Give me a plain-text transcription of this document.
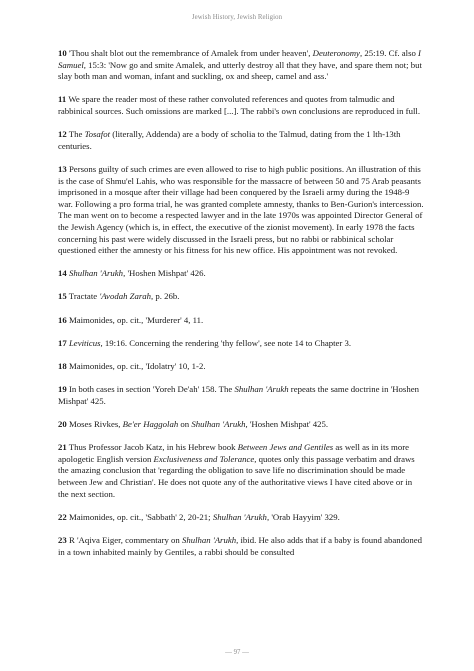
Jewish History, Jewish Religion

10 'Thou shalt blot out the remembrance of Amalek from under heaven', Deuteronomy, 25:19. Cf. also I Samuel, 15:3: 'Now go and smite Amalek, and utterly destroy all that they have, and spare them not; but slay both man and woman, infant and suckling, ox and sheep, camel and ass.'

11 We spare the reader most of these rather convoluted references and quotes from talmudic and rabbinical sources. Such omissions are marked [...]. The rabbi's own conclusions are reproduced in full.

12 The Tosafot (literally, Addenda) are a body of scholia to the Talmud, dating from the 1 lth-13th centuries.

13 Persons guilty of such crimes are even allowed to rise to high public positions. An illustration of this is the case of Shmu'el Lahis, who was responsible for the massacre of between 50 and 75 Arab peasants imprisoned in a mosque after their village had been conquered by the Israeli army during the 1948-9 war. Following a pro forma trial, he was granted complete amnesty, thanks to Ben-Gurion's intercession. The man went on to become a respected lawyer and in the late 1970s was appointed Director General of the Jewish Agency (which is, in effect, the executive of the zionist movement). In early 1978 the facts concerning his past were widely discussed in the Israeli press, but no rabbi or rabbinical scholar questioned either the amnesty or his fitness for his new office. His appointment was not revoked.

14 Shulhan 'Arukh, 'Hoshen Mishpat' 426.

15 Tractate 'Avodah Zarah, p. 26b.

16 Maimonides, op. cit., 'Murderer' 4, 11.

17 Leviticus, 19:16. Concerning the rendering 'thy fellow', see note 14 to Chapter 3.

18 Maimonides, op. cit., 'Idolatry' 10, 1-2.

19 In both cases in section 'Yoreh De'ah' 158. The Shulhan 'Arukh repeats the same doctrine in 'Hoshen Mishpat' 425.

20 Moses Rivkes, Be'er Haggolah on Shulhan 'Arukh, 'Hoshen Mishpat' 425.

21 Thus Professor Jacob Katz, in his Hebrew book Between Jews and Gentiles as well as in its more apologetic English version Exclusiveness and Tolerance, quotes only this passage verbatim and draws the amazing conclusion that 'regarding the obligation to save life no discrimination should be made between Jew and Christian'. He does not quote any of the authoritative views I have cited above or in the next section.

22 Maimonides, op. cit., 'Sabbath' 2, 20-21; Shulhan 'Arukh, 'Orab Hayyim' 329.

23 R 'Aqiva Eiger, commentary on Shulhan 'Arukh, ibid. He also adds that if a baby is found abandoned in a town inhabited mainly by Gentiles, a rabbi should be consulted

— 97 —
